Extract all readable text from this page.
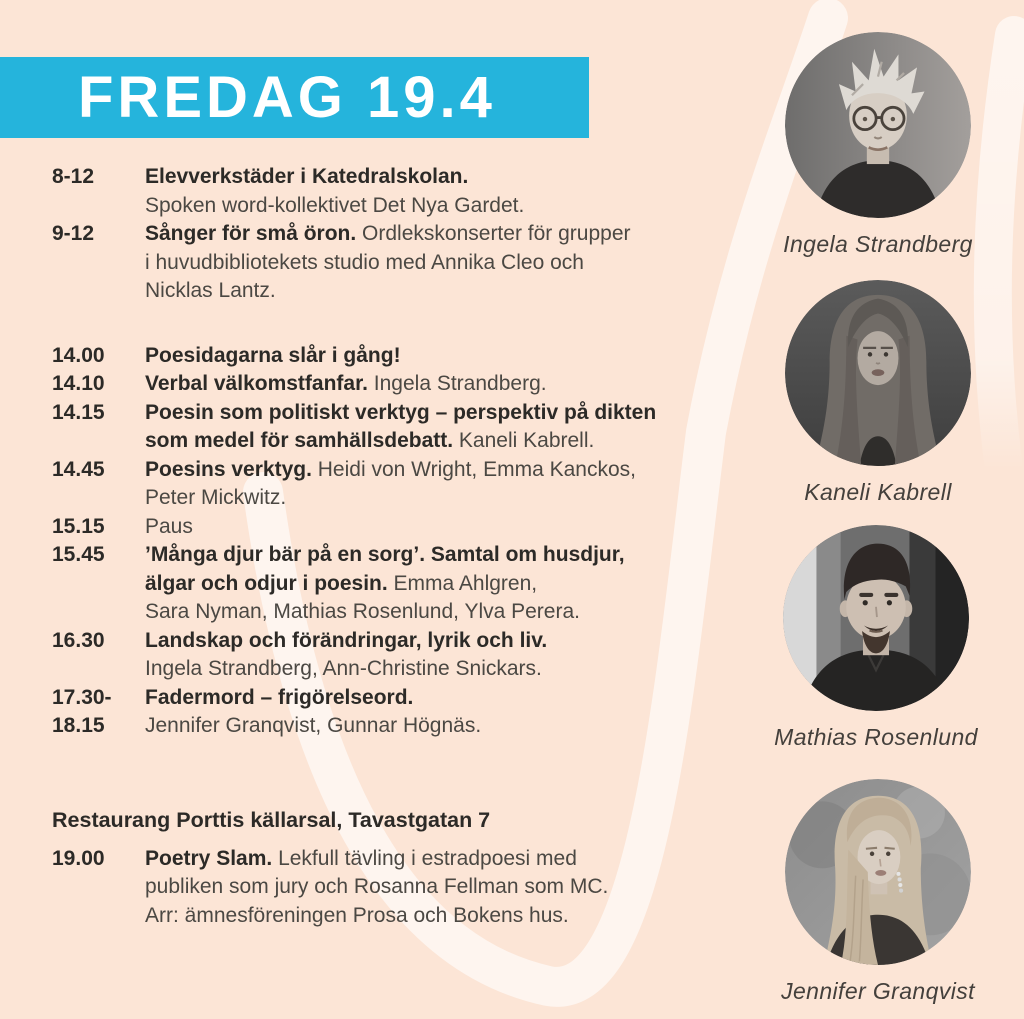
FREDAG 19.4
8-12	Elevverkstäder i Katedralskolan.
Spoken word-kollektivet Det Nya Gardet.
9-12	Sånger för små öron. Ordlekskonserter för grupper
i huvudbibliotekets studio med Annika Cleo och
Nicklas Lantz.
14.00	Poesidagarna slår i gång!
14.10	Verbal välkomstfanfar. Ingela Strandberg.
14.15	Poesin som politiskt verktyg – perspektiv på dikten
som medel för samhällsdebatt. Kaneli Kabrell.
14.45	Poesins verktyg. Heidi von Wright, Emma Kanckos,
Peter Mickwitz.
15.15	Paus
15.45	’Många djur bär på en sorg’. Samtal om husdjur,
älgar och odjur i poesin. Emma Ahlgren,
Sara Nyman, Mathias Rosenlund, Ylva Perera.
16.30	Landskap och förändringar, lyrik och liv.
Ingela Strandberg, Ann-Christine Snickars.
17.30-	Fadermord – frigörelseord.
18.15	Jennifer Granqvist, Gunnar Högnäs.
Restaurang Porttis källarsal, Tavastgatan 7
19.00	Poetry Slam. Lekfull tävling i estradpoesi med
publiken som jury och Rosanna Fellman som MC.
Arr: ämnesföreningen Prosa och Bokens hus.
Ingela Strandberg
Kaneli Kabrell
Mathias Rosenlund
Jennifer Granqvist
